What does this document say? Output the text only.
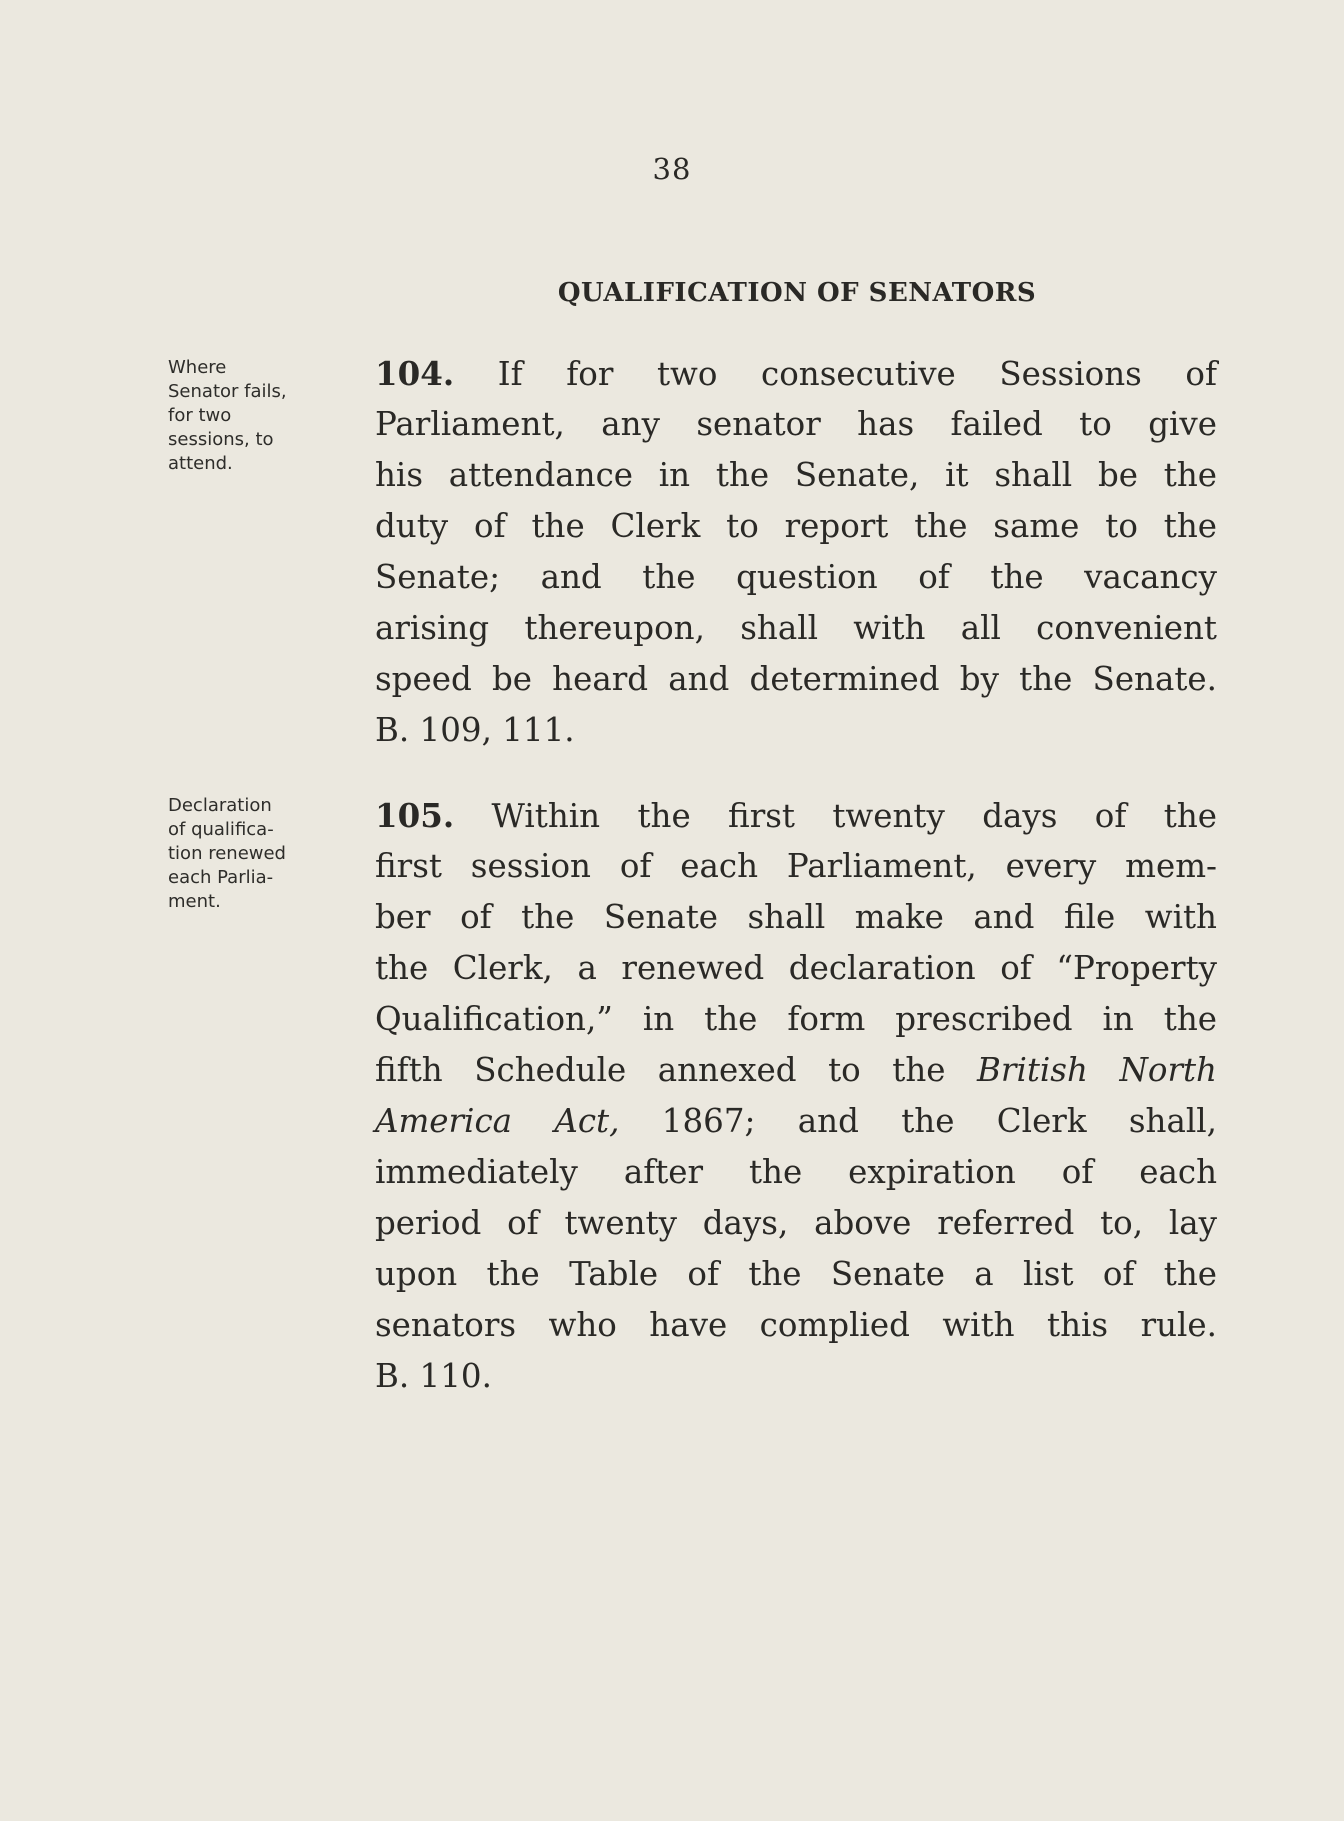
38
QUALIFICATION OF SENATORS
Where
Senator fails,
for two
sessions, to
attend.
Declaration
of qualifica-
tion renewed
each Parlia-
ment.
104. If for two consecutive Sessions of
Parliament, any senator has failed to give
his attendance in the Senate, it shall be the
duty of the Clerk to report the same to the
Senate; and the question of the vacancy
arising thereupon, shall with all convenient
speed be heard and determined by the Senate.
B. 109, 111.
105. Within the first twenty days of the
first session of each Parliament, every mem-
ber of the Senate shall make and file with
the Clerk, a renewed declaration of “Property
Qualification,” in the form prescribed in the
fifth Schedule annexed to the British North
America Act, 1867; and the Clerk shall,
immediately after the expiration of each
period of twenty days, above referred to, lay
upon the Table of the Senate a list of the
senators who have complied with this rule.
B. 110.
